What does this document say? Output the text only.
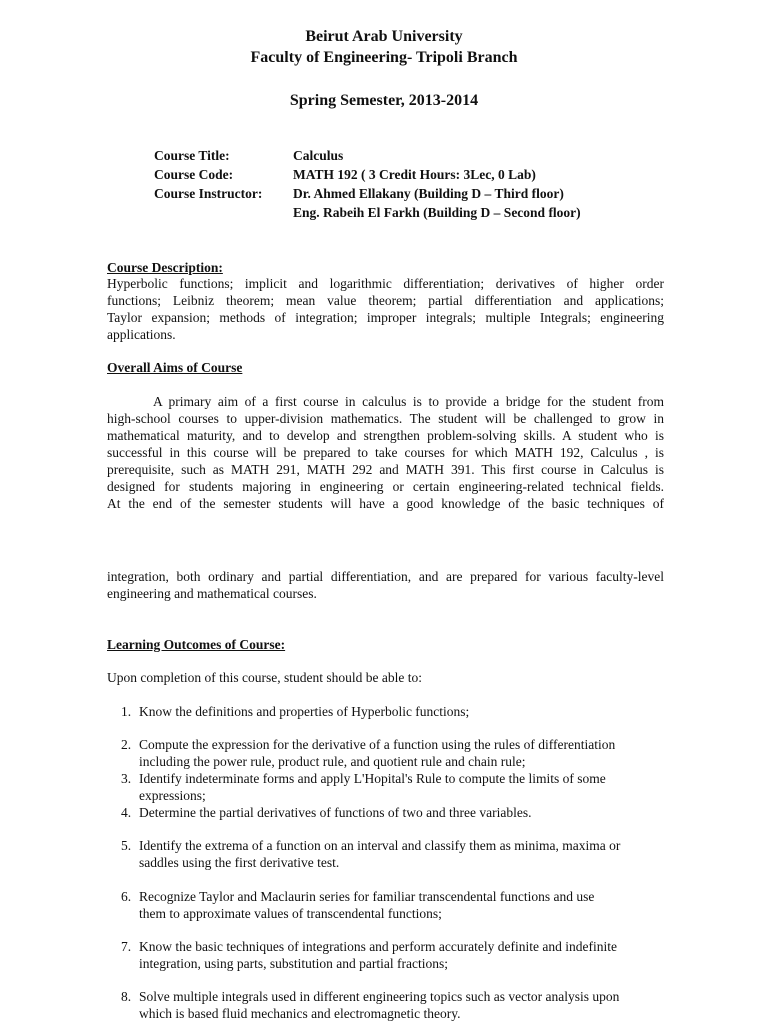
Beirut Arab University
Faculty of Engineering- Tripoli Branch
Spring Semester, 2013-2014
Course Title:	Calculus
Course Code:	MATH 192 ( 3 Credit Hours: 3Lec, 0 Lab)
Course Instructor: Dr. Ahmed Ellakany (Building D – Third floor)
Eng. Rabeih El Farkh (Building D – Second floor)
Course Description:
Hyperbolic functions; implicit and logarithmic differentiation; derivatives of higher order
functions; Leibniz theorem; mean value theorem; partial differentiation and applications;
Taylor expansion; methods of integration; improper integrals; multiple Integrals; engineering
applications.
Overall Aims of Course
A primary aim of a first course in calculus is to provide a bridge for the student from
high-school courses to upper-division mathematics. The student will be challenged to grow in
mathematical maturity, and to develop and strengthen problem-solving skills. A student who is
successful in this course will be prepared to take courses for which MATH 192, Calculus , is
prerequisite, such as MATH 291, MATH 292 and MATH 391. This first course in Calculus is
designed for students majoring in engineering or certain engineering-related technical fields.
At the end of the semester students will have a good knowledge of the basic techniques of
integration, both ordinary and partial differentiation, and are prepared for various faculty-level
engineering and mathematical courses.
Learning Outcomes of Course:
Upon completion of this course, student should be able to:
1. Know the definitions and properties of Hyperbolic functions;
2. Compute the expression for the derivative of a function using the rules of differentiation
including the power rule, product rule, and quotient rule and chain rule;
3. Identify indeterminate forms and apply L'Hopital's Rule to compute the limits of some
expressions;
4. Determine the partial derivatives of functions of two and three variables.
5. Identify the extrema of a function on an interval and classify them as minima, maxima or
saddles using the first derivative test.
6. Recognize Taylor and Maclaurin series for familiar transcendental functions and use
them to approximate values of transcendental functions;
7. Know the basic techniques of integrations and perform accurately definite and indefinite
integration, using parts, substitution and partial fractions;
8. Solve multiple integrals used in different engineering topics such as vector analysis upon
which is based fluid mechanics and electromagnetic theory.
